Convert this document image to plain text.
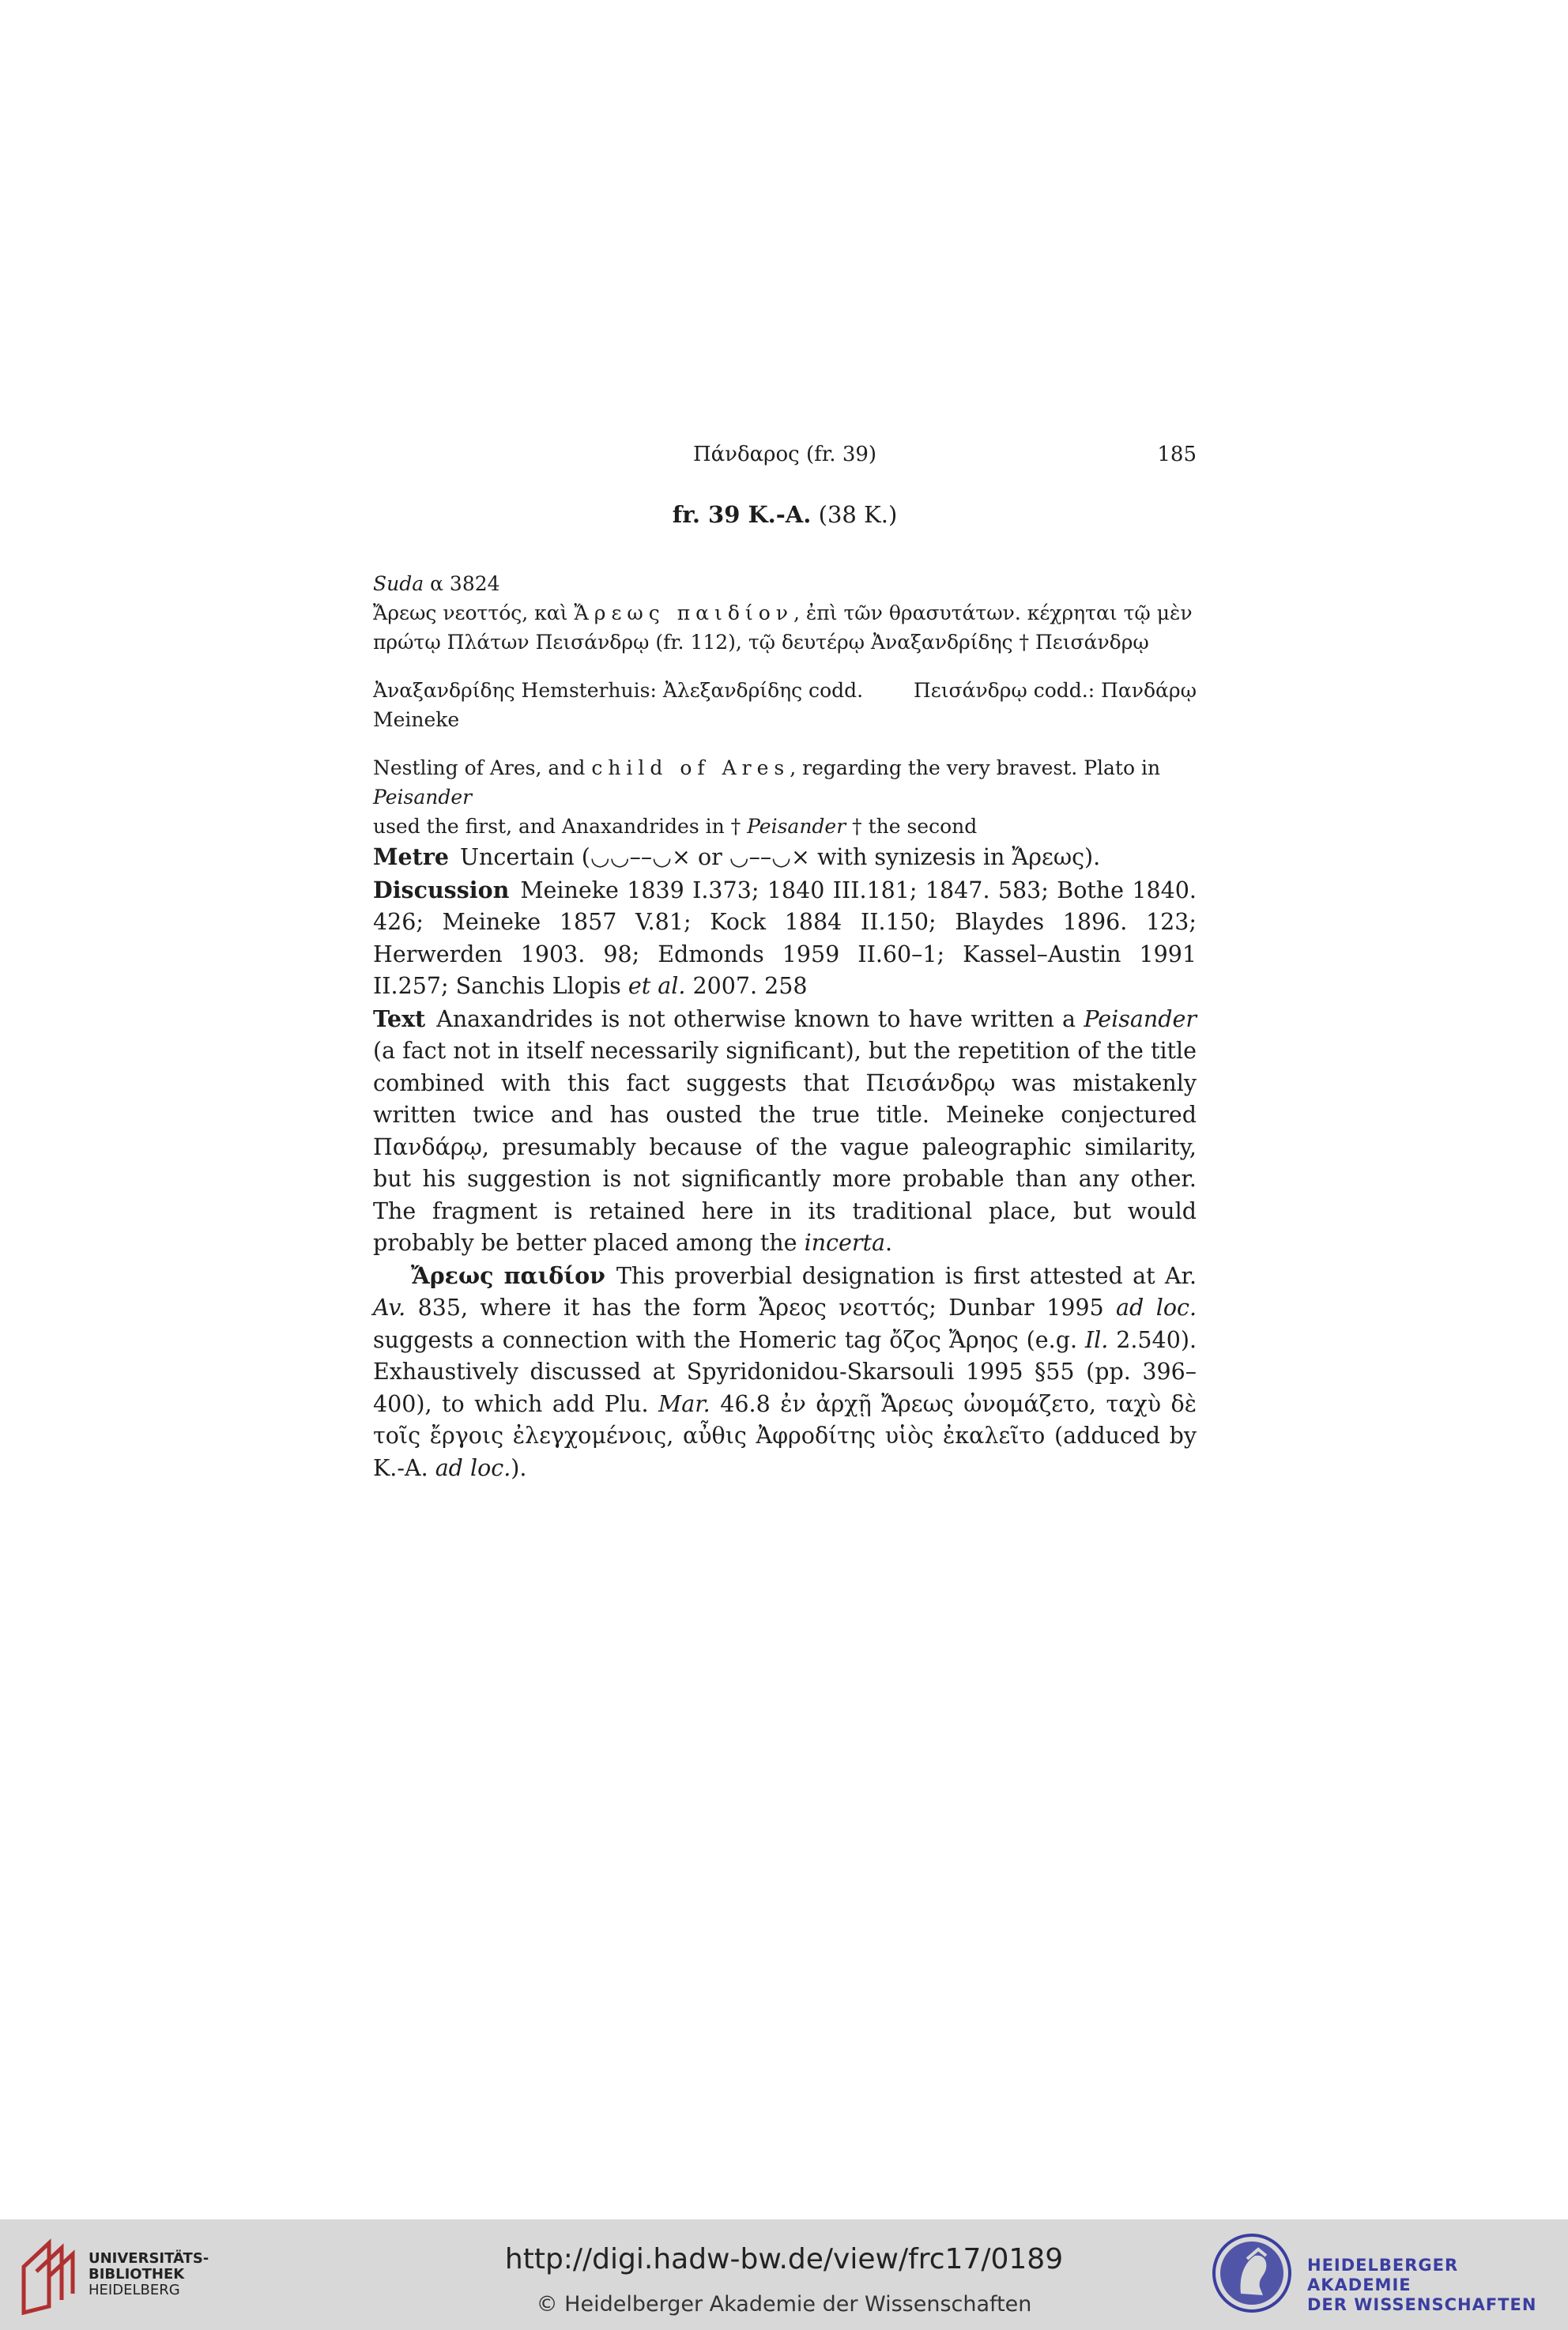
Πάνδαρος (fr. 39)	185
fr. 39 K.-A. (38 K.)
Suda α 3824
Ἄρεως νεοττός, καὶ Ἄρεως παιδίον, ἐπὶ τῶν θρασυτάτων. κέχρηται τῷ μὲν
πρώτῳ Πλάτων Πεισάνδρῳ (fr. 112), τῷ δευτέρῳ Ἀναξανδρίδης † Πεισάνδρῳ
Ἀναξανδρίδης Hemsterhuis: Ἀλεξανδρίδης codd.	Πεισάνδρῳ codd.: Πανδάρῳ
Meineke
Nestling of Ares, and child of Ares, regarding the very bravest. Plato in Peisander
used the first, and Anaxandrides in † Peisander † the second

Metre Uncertain (◡◡––◡× or ◡––◡× with synizesis in Ἄρεως).

Discussion Meineke 1839 I.373; 1840 III.181; 1847. 583; Bothe 1840. 426; Meineke 1857 V.81; Kock 1884 II.150; Blaydes 1896. 123; Herwerden 1903. 98; Edmonds 1959 II.60–1; Kassel–Austin 1991 II.257; Sanchis Llopis et al. 2007. 258

Text Anaxandrides is not otherwise known to have written a Peisander (a fact not in itself necessarily significant), but the repetition of the title combined with this fact suggests that Πεισάνδρῳ was mistakenly written twice and has ousted the true title. Meineke conjectured Πανδάρῳ, presumably because of the vague paleographic similarity, but his suggestion is not significantly more probable than any other. The fragment is retained here in its traditional place, but would probably be better placed among the incerta.

Ἄρεως παιδίον This proverbial designation is first attested at Ar. Av. 835, where it has the form Ἄρεος νεοττός; Dunbar 1995 ad loc. suggests a connection with the Homeric tag ὄζος Ἄρηος (e.g. Il. 2.540). Exhaustively discussed at Spyridonidou-Skarsouli 1995 §55 (pp. 396–400), to which add Plu. Mar. 46.8 ἐν ἀρχῇ Ἄρεως ὠνομάζετο, ταχὺ δὲ τοῖς ἔργοις ἐλεγχομένοις, αὖθις Ἀφροδίτης υἱὸς ἐκαλεῖτο (adduced by K.-A. ad loc.).

UNIVERSITÄTS-
BIBLIOTHEK
HEIDELBERG
http://digi.hadw-bw.de/view/frc17/0189
© Heidelberger Akademie der Wissenschaften
HEIDELBERGER AKADEMIE
DER WISSENSCHAFTEN
